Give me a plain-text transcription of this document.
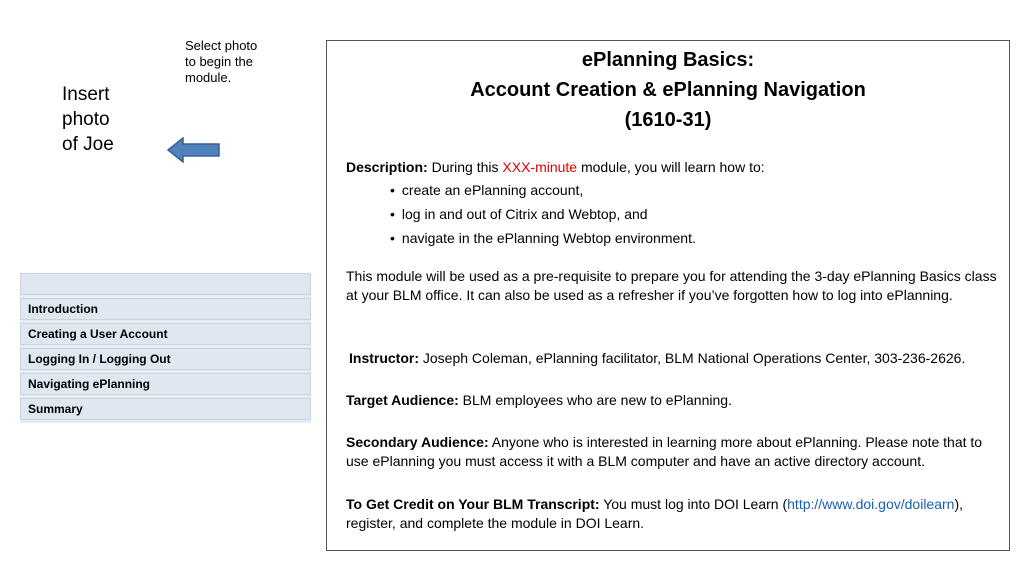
Select photo
to begin the
module.
Insert
photo
of Joe
Introduction
Creating a User Account
Logging In / Logging Out
Navigating ePlanning
Summary
ePlanning Basics:
Account Creation & ePlanning Navigation
(1610-31)
Description: During this XXX-minute module, you will learn how to:
• create an ePlanning account,
• log in and out of Citrix and Webtop, and
• navigate in the ePlanning Webtop environment.
This module will be used as a pre-requisite to prepare you for attending the 3-day ePlanning Basics class at your BLM office. It can also be used as a refresher if you’ve forgotten how to log into ePlanning.
Instructor: Joseph Coleman, ePlanning facilitator, BLM National Operations Center, 303-236-2626.
Target Audience: BLM employees who are new to ePlanning.
Secondary Audience: Anyone who is interested in learning more about ePlanning. Please note that to use ePlanning you must access it with a BLM computer and have an active directory account.
To Get Credit on Your BLM Transcript: You must log into DOI Learn (http://www.doi.gov/doilearn), register, and complete the module in DOI Learn.
